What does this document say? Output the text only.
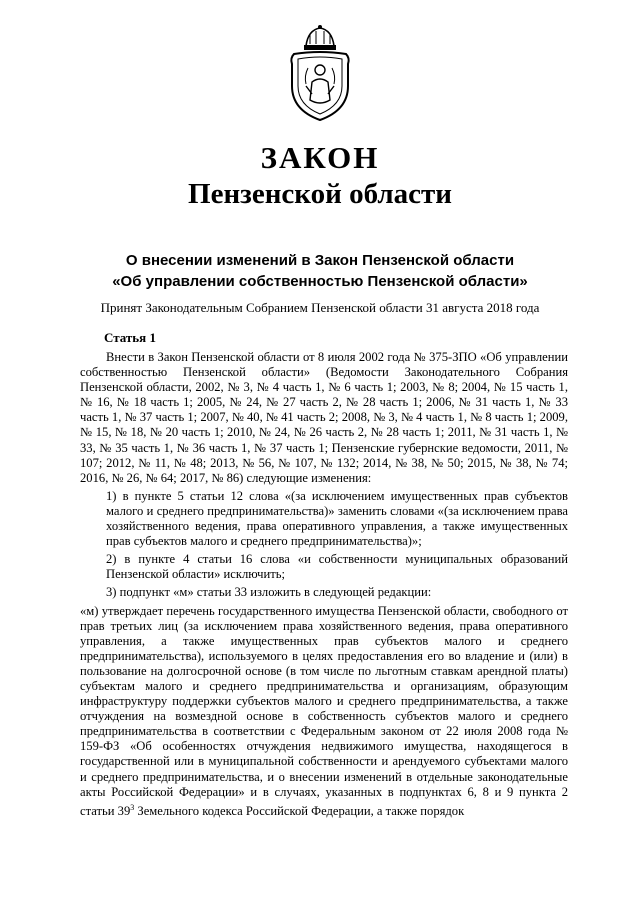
ЗАКОН
Пензенской области
О внесении изменений в Закон Пензенской области
«Об управлении собственностью Пензенской области»
Принят Законодательным Собранием Пензенской области 31 августа 2018 года
Статья 1

Внести в Закон Пензенской области от 8 июля 2002 года № 375-ЗПО «Об управлении собственностью Пензенской области» (Ведомости Законодательного Собрания Пензенской области, 2002, № 3, № 4 часть 1, № 6 часть 1; 2003, № 8; 2004, № 15 часть 1, № 16, № 18 часть 1; 2005, № 24, № 27 часть 2, № 28 часть 1; 2006, № 31 часть 1, № 33 часть 1, № 37 часть 1; 2007, № 40, № 41 часть 2; 2008, № 3, № 4 часть 1, № 8 часть 1; 2009, № 15, № 18, № 20 часть 1; 2010, № 24, № 26 часть 2, № 28 часть 1; 2011, № 31 часть 1, № 33, № 35 часть 1, № 36 часть 1, № 37 часть 1; Пензенские губернские ведомости, 2011, № 107; 2012, № 11, № 48; 2013, № 56, № 107, № 132; 2014, № 38, № 50; 2015, № 38, № 74; 2016, № 26, № 64; 2017, № 86) следующие изменения:

1) в пункте 5 статьи 12 слова «(за исключением имущественных прав субъектов малого и среднего предпринимательства)» заменить словами «(за исключением права хозяйственного ведения, права оперативного управления, а также имущественных прав субъектов малого и среднего предпринимательства)»;

2) в пункте 4 статьи 16 слова «и собственности муниципальных образований Пензенской области» исключить;

3) подпункт «м» статьи 33 изложить в следующей редакции:

«м) утверждает перечень государственного имущества Пензенской области, свободного от прав третьих лиц (за исключением права хозяйственного ведения, права оперативного управления, а также имущественных прав субъектов малого и среднего предпринимательства), используемого в целях предоставления его во владение и (или) в пользование на долгосрочной основе (в том числе по льготным ставкам арендной платы) субъектам малого и среднего предпринимательства и организациям, образующим инфраструктуру поддержки субъектов малого и среднего предпринимательства, а также отчуждения на возмездной основе в собственность субъектов малого и среднего предпринимательства в соответствии с Федеральным законом от 22 июля 2008 года № 159-ФЗ «Об особенностях отчуждения недвижимого имущества, находящегося в государственной или в муниципальной собственности и арендуемого субъектами малого и среднего предпринимательства, и о внесении изменений в отдельные законодательные акты Российской Федерации» и в случаях, указанных в подпунктах 6, 8 и 9 пункта 2 статьи $39^3$ Земельного кодекса Российской Федерации, а также порядок
